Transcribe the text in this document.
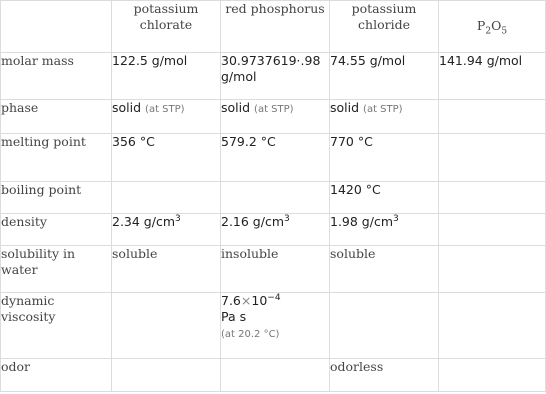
	potassium chlorate	red phosphorus	potassium chloride	$P_2O_5$
molar mass	122.5 g/mol	30.9737619⋅.98 g/mol	74.55 g/mol	141.94 g/mol
phase	solid (at STP)	solid (at STP)	solid (at STP)	
melting point	356 °C	579.2 °C	770 °C	
boiling point			1420 °C	
density	2.34 $g/cm^3$	2.16 $g/cm^3$	1.98 $g/cm^3$	
solubility in water	soluble	insoluble	soluble	
dynamic viscosity		$7.6\times 10^{-4}$
Pa s
(at 20.2 °C)		

odor			odorless	
